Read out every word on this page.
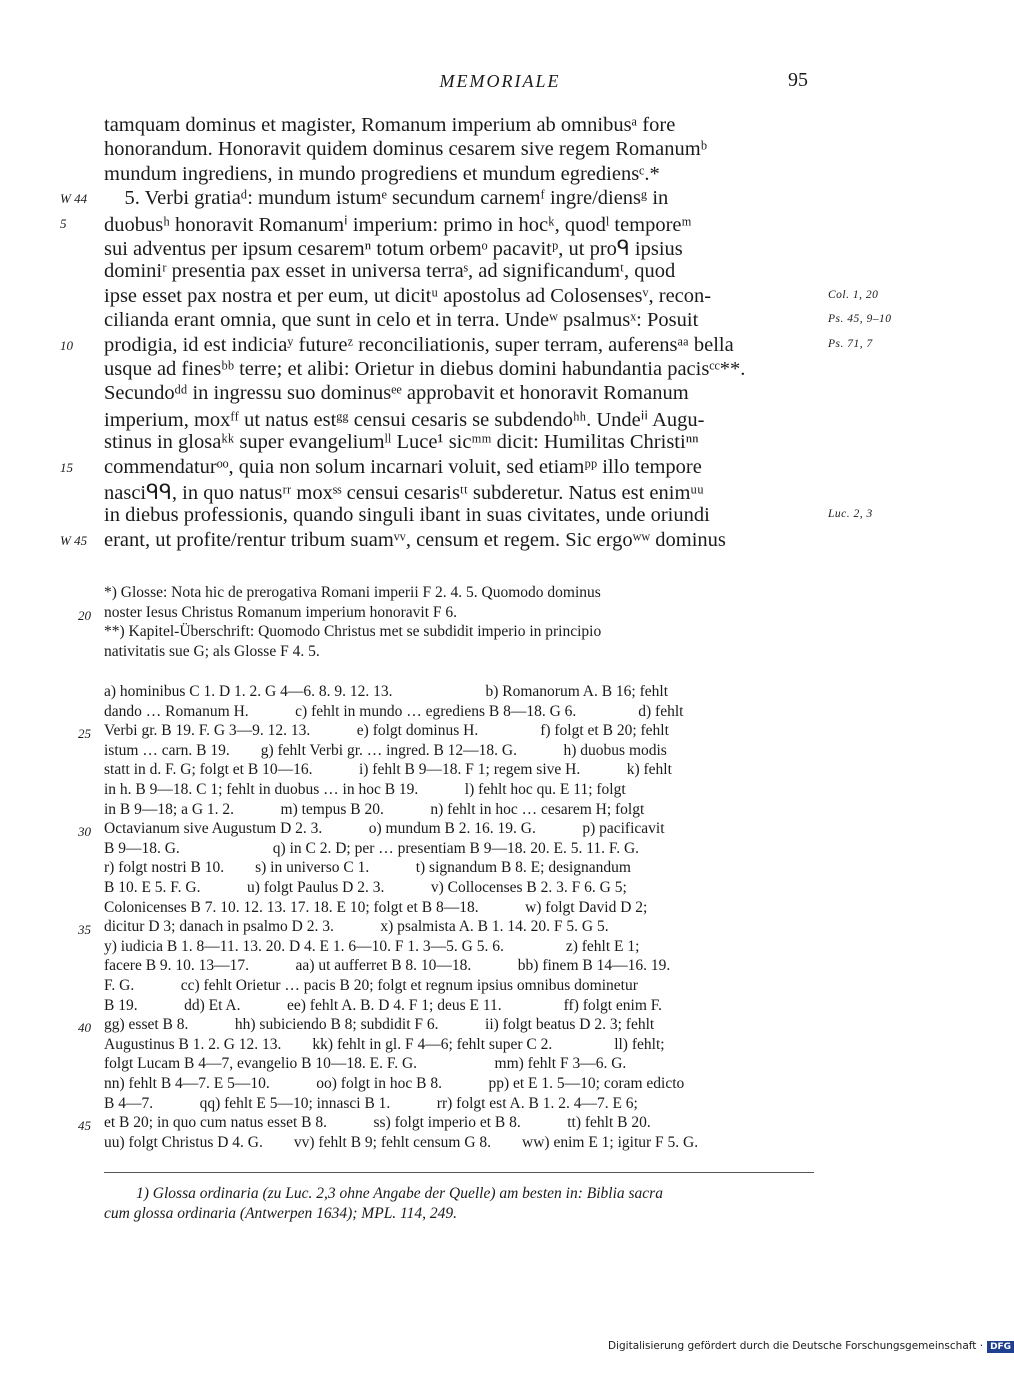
MEMORIALE	95
tamquam dominus et magister, Romanum imperium ab omnibusᵃ fore
honorandum. Honoravit quidem dominus cesarem sive regem Romanumᵇ
mundum ingrediens, in mundo progrediens et mundum egrediensᶜ.*
 5. Verbi gratiaᵈ: mundum istumᵉ secundum carnemᶠ ingre/diensᵍ in
duobusʰ honoravit Romanumⁱ imperium: primo in hocᵏ, quodˡ temporeᵐ
sui adventus per ipsum cesaremⁿ totum orbemᵒ pacavitᵖ, ut proᑫ ipsius
dominiʳ presentia pax esset in universa terraˢ, ad significandumᵗ, quod
ipse esset pax nostra et per eum, ut dicitᵘ apostolus ad Colosensesᵛ, recon-
cilianda erant omnia, que sunt in celo et in terra. Undeʷ psalmusˣ: Posuit
prodigia, id est indiciaʸ futureᶻ reconciliationis, super terram, auferensᵃᵃ bella
usque ad finesᵇᵇ terre; et alibi: Orietur in diebus domini habundantia pacisᶜᶜ**.
Secundoᵈᵈ in ingressu suo dominusᵉᵉ approbavit et honoravit Romanum
imperium, moxᶠᶠ ut natus estᵍᵍ censui cesaris se subdendoʰʰ. Undeⁱⁱ Augu-
stinus in glosaᵏᵏ super evangeliumˡˡ Luce¹ sicᵐᵐ dicit: Humilitas Christiⁿⁿ
commendaturᵒᵒ, quia non solum incarnari voluit, sed etiamᵖᵖ illo tempore
nasciᑫᑫ, in quo natusʳʳ moxˢˢ censui cesarisᵗᵗ subderetur. Natus est enimᵘᵘ
in diebus professionis, quando singuli ibant in suas civitates, unde oriundi
erant, ut profite/rentur tribum suamᵛᵛ, censum et regem. Sic ergoʷʷ dominus
W 44
5
10
15
W 45
Col. 1, 20
Ps. 45, 9–10
Ps. 71, 7
Luc. 2, 3
*) Glosse: Nota hic de prerogativa Romani imperii F 2. 4. 5. Quomodo dominus
noster Iesus Christus Romanum imperium honoravit F 6.
**) Kapitel-Überschrift: Quomodo Christus met se subdidit imperio in principio
nativitatis sue G; als Glosse F 4. 5.
20
a) hominibus C 1. D 1. 2. G 4—6. 8. 9. 12. 13.      b) Romanorum A. B 16; fehlt
dando … Romanum H.   c) fehlt in mundo … egrediens B 8—18. G 6.    d) fehlt
Verbi gr. B 19. F. G 3—9. 12. 13.   e) folgt dominus H.    f) folgt et B 20; fehlt
istum … carn. B 19.  g) fehlt Verbi gr. … ingred. B 12—18. G.   h) duobus modis
statt in d. F. G; folgt et B 10—16.   i) fehlt B 9—18. F 1; regem sive H.   k) fehlt
in h. B 9—18. C 1; fehlt in duobus … in hoc B 19.   l) fehlt hoc qu. E 11; folgt
in B 9—18; a G 1. 2.   m) tempus B 20.   n) fehlt in hoc … cesarem H; folgt
Octavianum sive Augustum D 2. 3.   o) mundum B 2. 16. 19. G.   p) pacificavit
B 9—18. G.      q) in C 2. D; per … presentiam B 9—18. 20. E. 5. 11. F. G.
r) folgt nostri B 10.  s) in universo C 1.   t) signandum B 8. E; designandum
B 10. E 5. F. G.   u) folgt Paulus D 2. 3.   v) Collocenses B 2. 3. F 6. G 5;
Colonicenses B 7. 10. 12. 13. 17. 18. E 10; folgt et B 8—18.   w) folgt David D 2;
dicitur D 3; danach in psalmo D 2. 3.   x) psalmista A. B 1. 14. 20. F 5. G 5.
y) iudicia B 1. 8—11. 13. 20. D 4. E 1. 6—10. F 1. 3—5. G 5. 6.    z) fehlt E 1;
facere B 9. 10. 13—17.   aa) ut aufferret B 8. 10—18.   bb) finem B 14—16. 19.
F. G.   cc) fehlt Orietur … pacis B 20; folgt et regnum ipsius omnibus dominetur
B 19.   dd) Et A.   ee) fehlt A. B. D 4. F 1; deus E 11.    ff) folgt enim F.
gg) esset B 8.   hh) subiciendo B 8; subdidit F 6.   ii) folgt beatus D 2. 3; fehlt
Augustinus B 1. 2. G 12. 13.  kk) fehlt in gl. F 4—6; fehlt super C 2.    ll) fehlt;
folgt Lucam B 4—7, evangelio B 10—18. E. F. G.     mm) fehlt F 3—6. G.
nn) fehlt B 4—7. E 5—10.   oo) folgt in hoc B 8.   pp) et E 1. 5—10; coram edicto
B 4—7.   qq) fehlt E 5—10; innasci B 1.   rr) folgt est A. B 1. 2. 4—7. E 6;
et B 20; in quo cum natus esset B 8.   ss) folgt imperio et B 8.   tt) fehlt B 20.
uu) folgt Christus D 4. G.  vv) fehlt B 9; fehlt censum G 8.  ww) enim E 1; igitur F 5. G.
25
30
35
40
45
1) Glossa ordinaria (zu Luc. 2,3 ohne Angabe der Quelle) am besten in: Biblia sacra
cum glossa ordinaria (Antwerpen 1634); MPL. 114, 249.
Digitalisierung gefördert durch die Deutsche Forschungsgemeinschaft · DFG
